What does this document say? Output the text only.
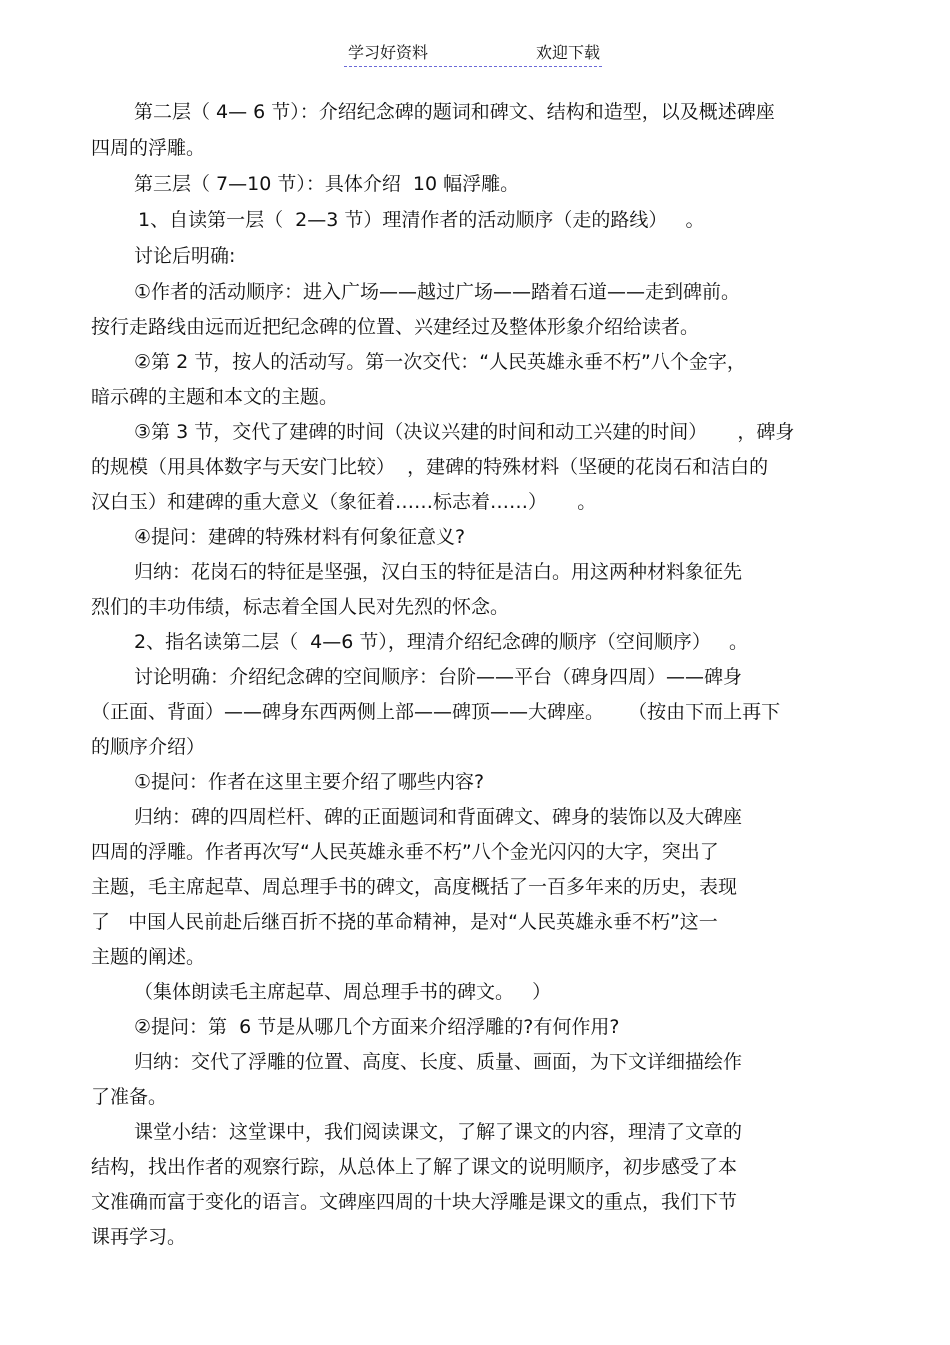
学习好资料	欢迎下载
第二层（ 4— 6 节）：介绍纪念碑的题词和碑文、结构和造型，以及概述碑座
四周的浮雕。
第三层（ 7—10 节）：具体介绍  10 幅浮雕。
1、自读第一层（  2—3 节）理清作者的活动顺序（走的路线）   。
讨论后明确:
①作者的活动顺序：进入广场——越过广场——踏着石道——走到碑前。
按行走路线由远而近把纪念碑的位置、兴建经过及整体形象介绍给读者。
②第 2 节，按人的活动写。第一次交代：“人民英雄永垂不朽”八个金字，
暗示碑的主题和本文的主题。
③第 3 节，交代了建碑的时间（决议兴建的时间和动工兴建的时间）     ，碑身
的规模（用具体数字与天安门比较）  ，建碑的特殊材料（坚硬的花岗石和洁白的
汉白玉）和建碑的重大意义（象征着……标志着……）     。
④提问：建碑的特殊材料有何象征意义?
归纳：花岗石的特征是坚强，汉白玉的特征是洁白。用这两种材料象征先
烈们的丰功伟绩，标志着全国人民对先烈的怀念。
2、指名读第二层（  4—6 节），理清介绍纪念碑的顺序（空间顺序）   。
讨论明确：介绍纪念碑的空间顺序：台阶——平台（碑身四周）——碑身
（正面、背面）——碑身东西两侧上部——碑顶——大碑座。    （按由下而上再下
的顺序介绍）
①提问：作者在这里主要介绍了哪些内容?
归纳：碑的四周栏杆、碑的正面题词和背面碑文、碑身的装饰以及大碑座
四周的浮雕。作者再次写“人民英雄永垂不朽”八个金光闪闪的大字，突出了
主题，毛主席起草、周总理手书的碑文，高度概括了一百多年来的历史，表现
了   中国人民前赴后继百折不挠的革命精神，是对“人民英雄永垂不朽”这一
主题的阐述。
（集体朗读毛主席起草、周总理手书的碑文。   ）
②提问：第  6 节是从哪几个方面来介绍浮雕的?有何作用?
归纳：交代了浮雕的位置、高度、长度、质量、画面，为下文详细描绘作
了准备。
课堂小结：这堂课中，我们阅读课文，了解了课文的内容，理清了文章的
结构，找出作者的观察行踪，从总体上了解了课文的说明顺序，初步感受了本
文准确而富于变化的语言。文碑座四周的十块大浮雕是课文的重点，我们下节
课再学习。
